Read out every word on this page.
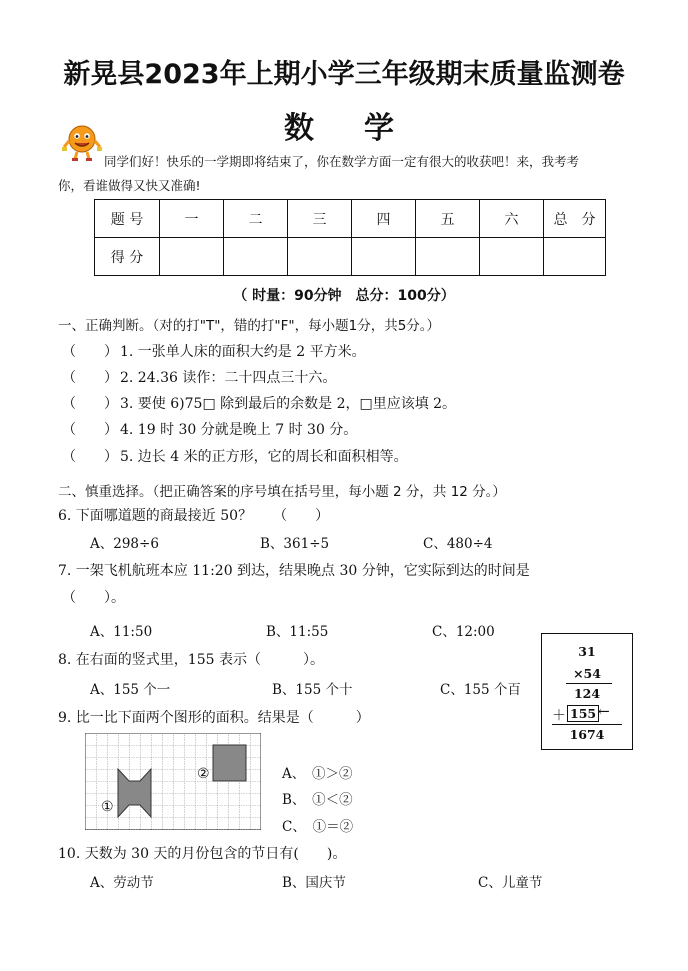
新晃县2023年上期小学三年级期末质量监测卷
数　学
同学们好！快乐的一学期即将结束了，你在数学方面一定有很大的收获吧！来，我考考
你，看谁做得又快又准确!
题 号	一	二	三	四	五	六	总　分
得 分							
（ 时量：90分钟　总分：100分）
一、正确判断。（对的打"T"，错的打"F"，每小题1分，共5分。）
（　　） 1. 一张单人床的面积大约是 2 平方米。
（　　） 2. 24.36 读作：二十四点三十六。
（　　） 3. 要使 6)75□ 除到最后的余数是 2，□里应该填 2。
（　　） 4. 19 时 30 分就是晚上 7 时 30 分。
（　　） 5. 边长 4 米的正方形，它的周长和面积相等。
二、慎重选择。（把正确答案的序号填在括号里，每小题 2 分，共 12 分。）
6. 下面哪道题的商最接近 50？　　（　　）
A、298÷6	B、361÷5	C、480÷4
7. 一架飞机航班本应 11:20 到达，结果晚点 30 分钟，它实际到达的时间是
（　　）。
A、11:50	B、11:55	C、12:00
8. 在右面的竖式里，155 表示（　　　）。
A、155 个一	B、155 个十	C、155 个百
31
×54
124
＋ 155 ←
1674
9. 比一比下面两个图形的面积。结果是（　　　）
①
②	A、　①＞②
B、　①＜②
C、　①＝②
10. 天数为 30 天的月份包含的节日有(　　)。
A、劳动节	B、国庆节	C、儿童节
